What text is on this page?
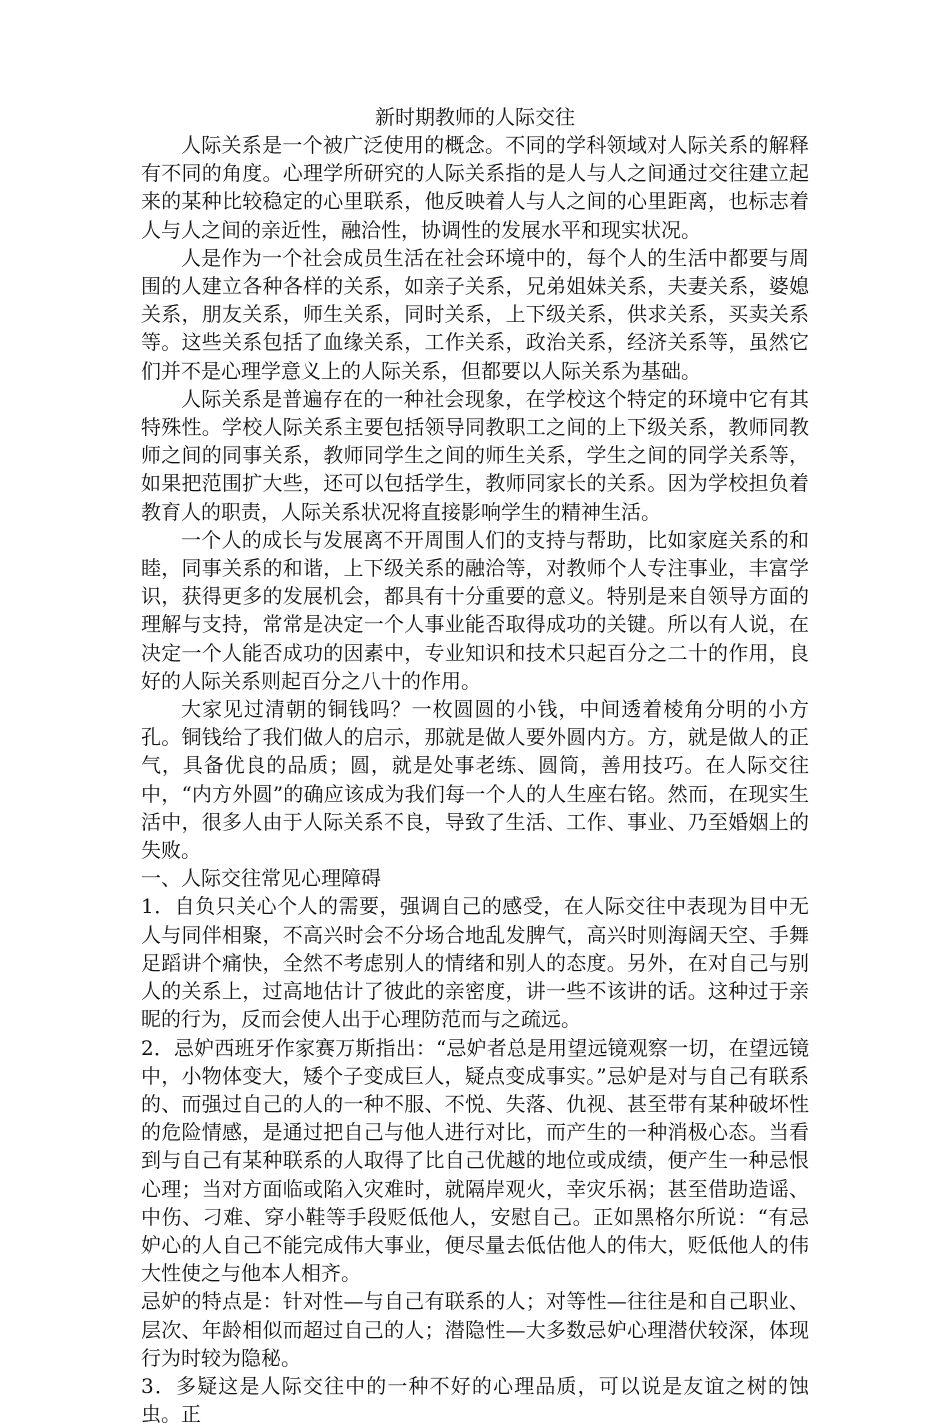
新时期教师的人际交往

人际关系是一个被广泛使用的概念。不同的学科领域对人际关系的解释有不同的角度。心理学所研究的人际关系指的是人与人之间通过交往建立起来的某种比较稳定的心里联系，他反映着人与人之间的心里距离，也标志着人与人之间的亲近性，融洽性，协调性的发展水平和现实状况。

人是作为一个社会成员生活在社会环境中的，每个人的生活中都要与周围的人建立各种各样的关系，如亲子关系，兄弟姐妹关系，夫妻关系，婆媳关系，朋友关系，师生关系，同时关系，上下级关系，供求关系，买卖关系等。这些关系包括了血缘关系，工作关系，政治关系，经济关系等，虽然它们并不是心理学意义上的人际关系，但都要以人际关系为基础。

人际关系是普遍存在的一种社会现象，在学校这个特定的环境中它有其特殊性。学校人际关系主要包括领导同教职工之间的上下级关系，教师同教师之间的同事关系，教师同学生之间的师生关系，学生之间的同学关系等，如果把范围扩大些，还可以包括学生，教师同家长的关系。因为学校担负着教育人的职责，人际关系状况将直接影响学生的精神生活。

一个人的成长与发展离不开周围人们的支持与帮助，比如家庭关系的和睦，同事关系的和谐，上下级关系的融洽等，对教师个人专注事业，丰富学识，获得更多的发展机会，都具有十分重要的意义。特别是来自领导方面的理解与支持，常常是决定一个人事业能否取得成功的关键。所以有人说，在决定一个人能否成功的因素中，专业知识和技术只起百分之二十的作用，良好的人际关系则起百分之八十的作用。

大家见过清朝的铜钱吗？一枚圆圆的小钱，中间透着棱角分明的小方孔。铜钱给了我们做人的启示，那就是做人要外圆内方。方，就是做人的正气，具备优良的品质；圆，就是处事老练、圆筒，善用技巧。在人际交往中，“内方外圆”的确应该成为我们每一个人的人生座右铭。然而，在现实生活中，很多人由于人际关系不良，导致了生活、工作、事业、乃至婚姻上的失败。

一、人际交往常见心理障碍

1．自负只关心个人的需要，强调自己的感受，在人际交往中表现为目中无人与同伴相聚，不高兴时会不分场合地乱发脾气，高兴时则海阔天空、手舞足蹈讲个痛快，全然不考虑别人的情绪和别人的态度。另外，在对自己与别人的关系上，过高地估计了彼此的亲密度，讲一些不该讲的话。这种过于亲昵的行为，反而会使人出于心理防范而与之疏远。

2．忌妒西班牙作家赛万斯指出：“忌妒者总是用望远镜观察一切，在望远镜中，小物体变大，矮个子变成巨人，疑点变成事实。”忌妒是对与自己有联系的、而强过自己的人的一种不服、不悦、失落、仇视、甚至带有某种破坏性的危险情感，是通过把自己与他人进行对比，而产生的一种消极心态。当看到与自己有某种联系的人取得了比自己优越的地位或成绩，便产生一种忌恨心理；当对方面临或陷入灾难时，就隔岸观火，幸灾乐祸；甚至借助造谣、中伤、刁难、穿小鞋等手段贬低他人，安慰自己。正如黑格尔所说：“有忌妒心的人自己不能完成伟大事业，便尽量去低估他人的伟大，贬低他人的伟大性使之与他本人相齐。

忌妒的特点是：针对性—与自己有联系的人；对等性—往往是和自己职业、层次、年龄相似而超过自己的人；潜隐性—大多数忌妒心理潜伏较深，体现行为时较为隐秘。

3．多疑这是人际交往中的一种不好的心理品质，可以说是友谊之树的蚀虫。正
